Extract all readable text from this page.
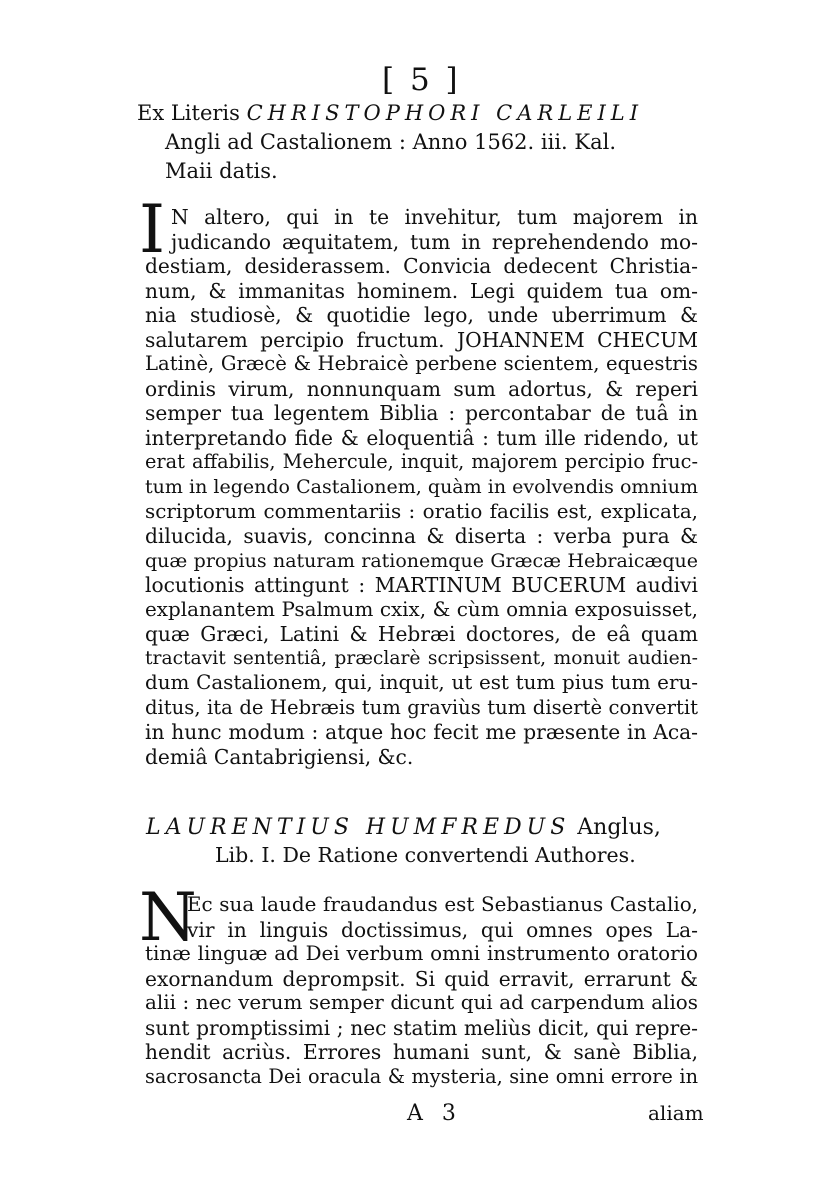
[ 5 ]
Ex Literis CHRISTOPHORI CARLEILI
Angli ad Castalionem : Anno 1562. iii. Kal.
Maii datis.
I N altero, qui in te invehitur, tum majorem in
judicando æquitatem, tum in reprehendendo mo-
destiam, desiderassem. Convicia dedecent Christia-
num, & immanitas hominem. Legi quidem tua om-
nia studiosè, & quotidie lego, unde uberrimum &
salutarem percipio fructum. JOHANNEM CHECUM
Latinè, Græcè & Hebraicè perbene scientem, equestris
ordinis virum, nonnunquam sum adortus, & reperi
semper tua legentem Biblia : percontabar de tuâ in
interpretando fide & eloquentiâ : tum ille ridendo, ut
erat affabilis, Mehercule, inquit, majorem percipio fruc-
tum in legendo Castalionem, quàm in evolvendis omnium
scriptorum commentariis : oratio facilis est, explicata,
dilucida, suavis, concinna & diserta : verba pura &
quæ propius naturam rationemque Græcæ Hebraicæque
locutionis attingunt : MARTINUM BUCERUM audivi
explanantem Psalmum cxix, & cùm omnia exposuisset,
quæ Græci, Latini & Hebræi doctores, de eâ quam
tractavit sententiâ, præclarè scripsissent, monuit audien-
dum Castalionem, qui, inquit, ut est tum pius tum eru-
ditus, ita de Hebræis tum graviùs tum disertè convertit
in hunc modum : atque hoc fecit me præsente in Aca-
demiâ Cantabrigiensi, &c.
LAURENTIUS HUMFREDUS Anglus,
Lib. I. De Ratione convertendi Authores.
N
Ec sua laude fraudandus est Sebastianus Castalio,
vir in linguis doctissimus, qui omnes opes La-
tinæ linguæ ad Dei verbum omni instrumento oratorio
exornandum deprompsit. Si quid erravit, errarunt &
alii : nec verum semper dicunt qui ad carpendum alios
sunt promptissimi ; nec statim meliùs dicit, qui repre-
hendit acriùs. Errores humani sunt, & sanè Biblia,
sacrosancta Dei oracula & mysteria, sine omni errore in
A 3	aliam
